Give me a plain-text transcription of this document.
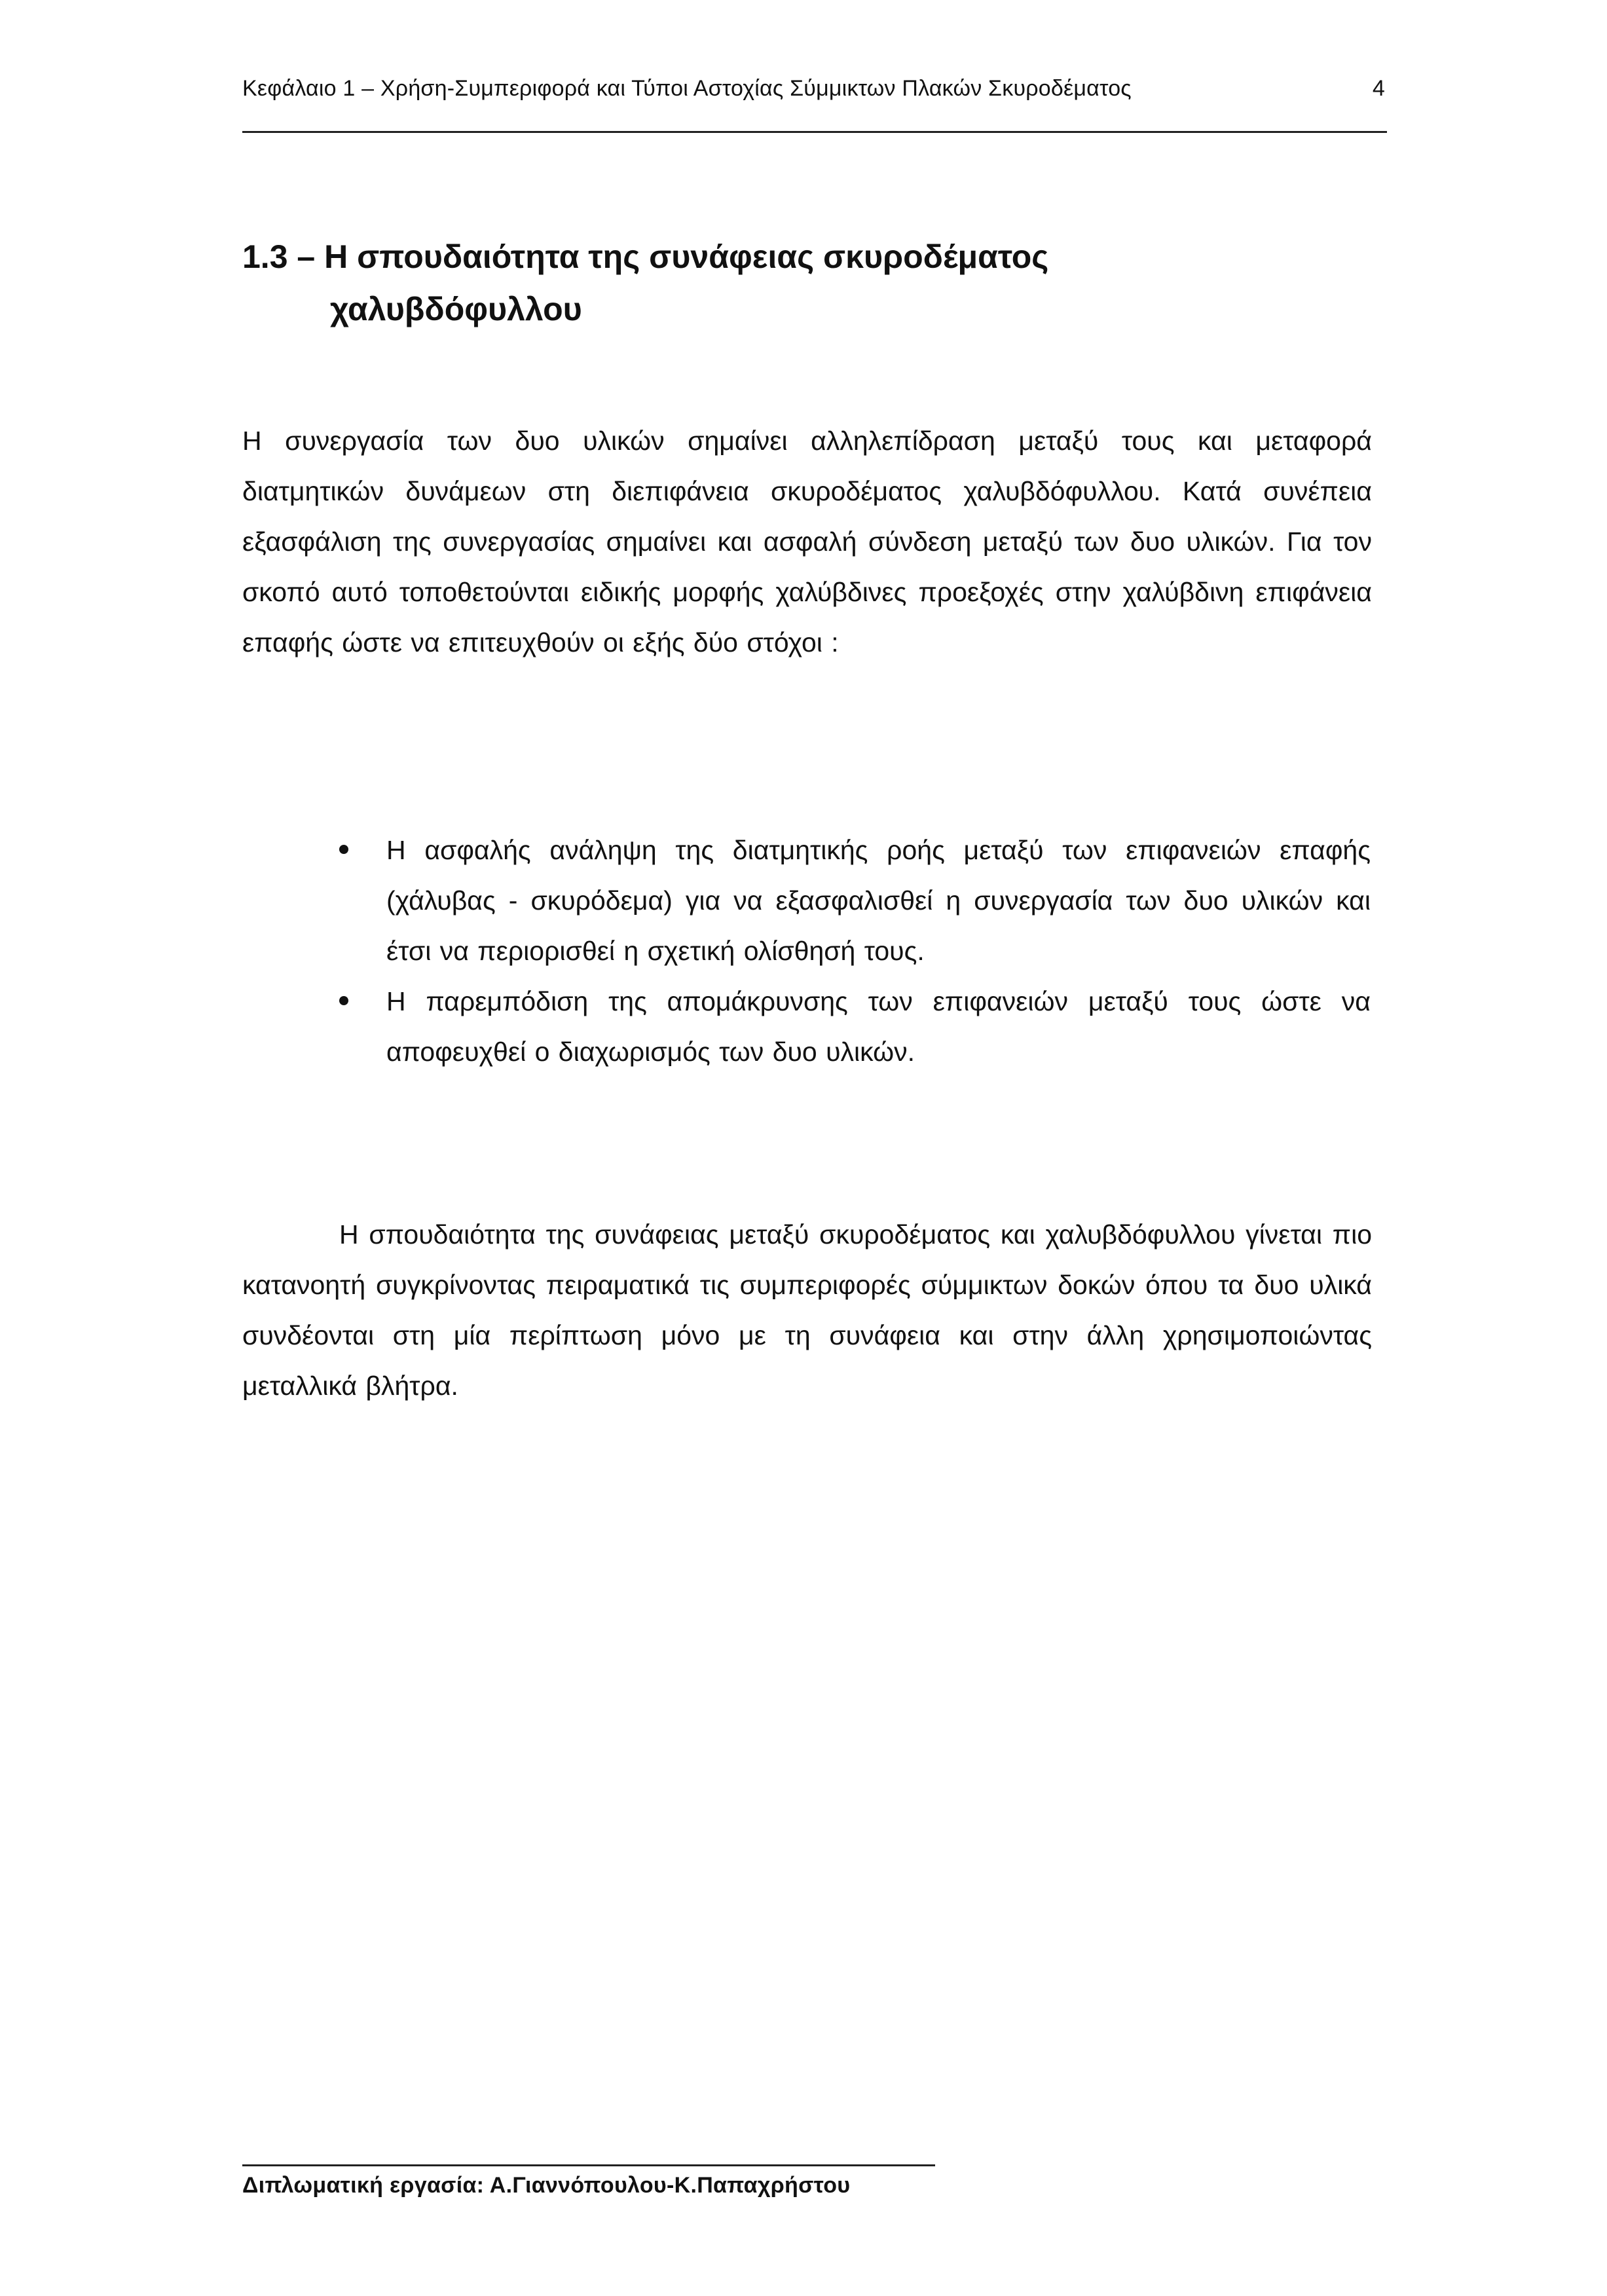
Κεφάλαιο 1 – Χρήση-Συμπεριφορά και Τύποι Αστοχίας Σύμμικτων Πλακών Σκυροδέματος	4
1.3 – Η σπουδαιότητα της συνάφειας σκυροδέματος
χαλυβδόφυλλου

Η συνεργασία των δυο υλικών σημαίνει αλληλεπίδραση μεταξύ τους και μεταφορά διατμητικών δυνάμεων στη διεπιφάνεια σκυροδέματος χαλυβδόφυλλου. Κατά συνέπεια εξασφάλιση της συνεργασίας σημαίνει και ασφαλή σύνδεση μεταξύ των δυο υλικών. Για τον σκοπό αυτό τοποθετούνται ειδικής μορφής χαλύβδινες προεξοχές στην χαλύβδινη επιφάνεια επαφής ώστε να επιτευχθούν οι εξής δύο στόχοι :

Η ασφαλής ανάληψη της διατμητικής ροής μεταξύ των επιφανειών επαφής (χάλυβας - σκυρόδεμα) για να εξασφαλισθεί η συνεργασία των δυο υλικών και έτσι να περιορισθεί η σχετική ολίσθησή τους.
Η παρεμπόδιση της απομάκρυνσης των επιφανειών μεταξύ τους ώστε να αποφευχθεί ο διαχωρισμός των δυο υλικών.

Η σπουδαιότητα της συνάφειας μεταξύ σκυροδέματος και χαλυβδόφυλλου γίνεται πιο κατανοητή συγκρίνοντας πειραματικά τις συμπεριφορές σύμμικτων δοκών όπου τα δυο υλικά συνδέονται στη μία περίπτωση μόνο με τη συνάφεια και στην άλλη χρησιμοποιώντας μεταλλικά βλήτρα.

Διπλωματική εργασία: Α.Γιαννόπουλου-Κ.Παπαχρήστου
